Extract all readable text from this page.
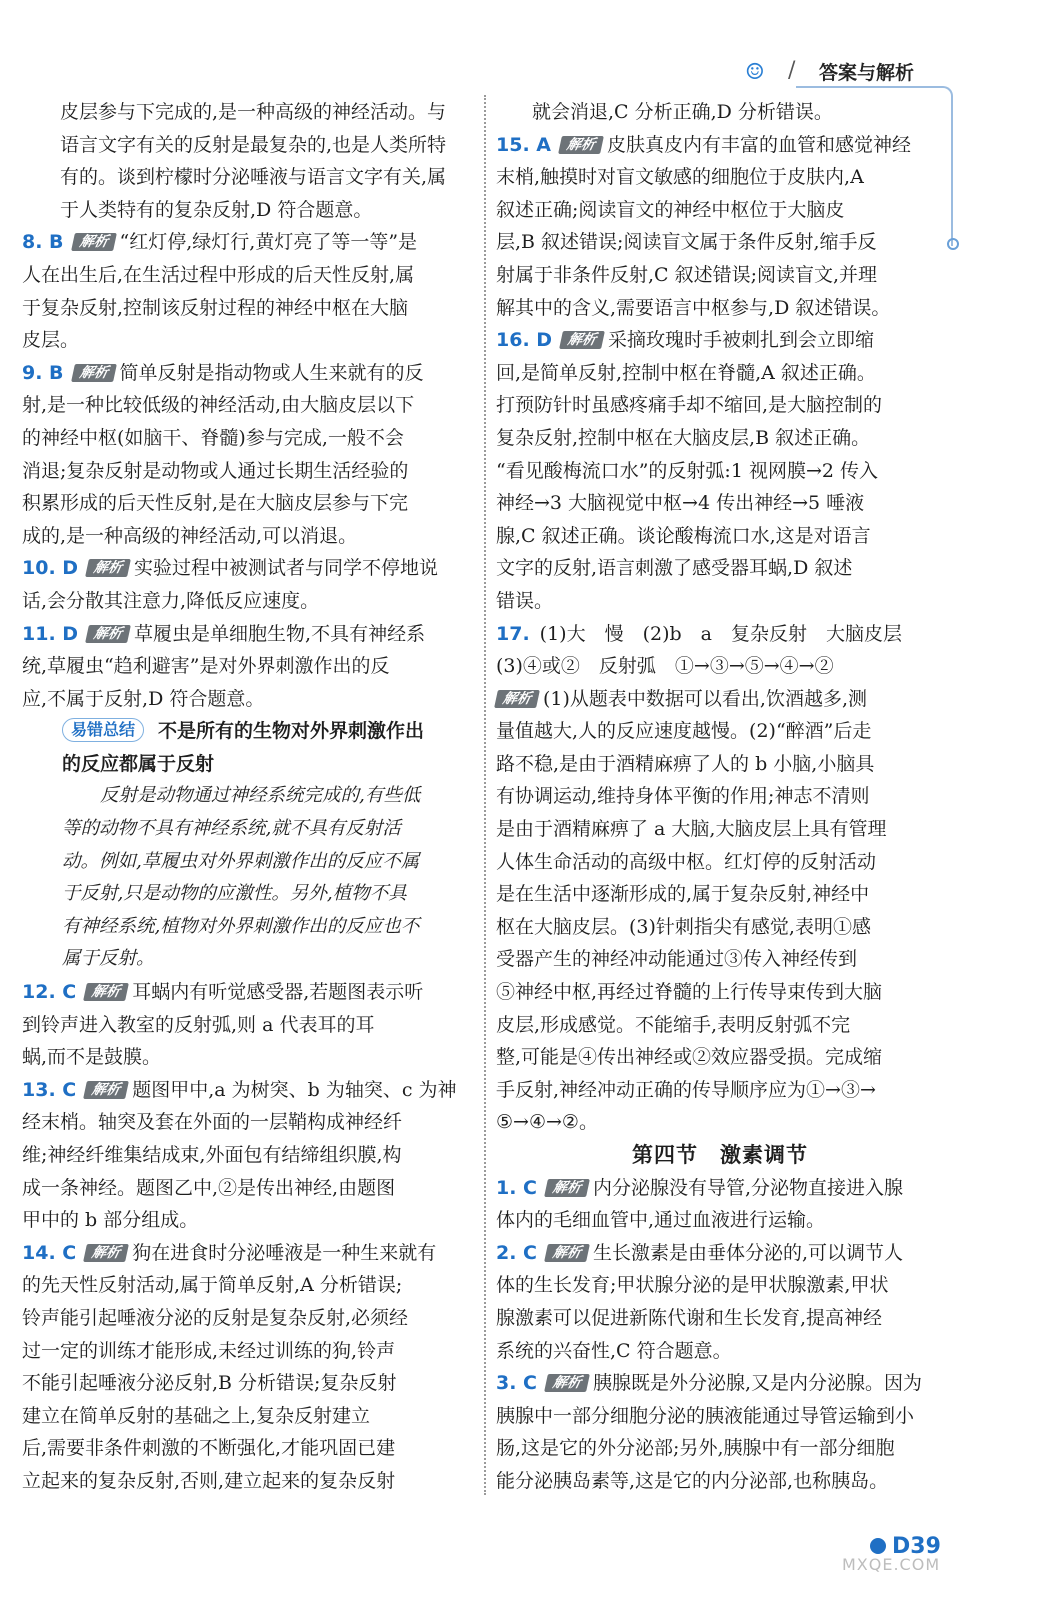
☺ / 答案与解析

皮层参与下完成的,是一种高级的神经活动。与

语言文字有关的反射是最复杂的,也是人类所特

有的。谈到柠檬时分泌唾液与语言文字有关,属

于人类特有的复杂反射,D 符合题意。

8. B 解析 “红灯停,绿灯行,黄灯亮了等一等”是

人在出生后,在生活过程中形成的后天性反射,属

于复杂反射,控制该反射过程的神经中枢在大脑

皮层。

9. B 解析 简单反射是指动物或人生来就有的反

射,是一种比较低级的神经活动,由大脑皮层以下

的神经中枢(如脑干、脊髓)参与完成,一般不会

消退;复杂反射是动物或人通过长期生活经验的

积累形成的后天性反射,是在大脑皮层参与下完

成的,是一种高级的神经活动,可以消退。

10. D 解析 实验过程中被测试者与同学不停地说

话,会分散其注意力,降低反应速度。

11. D 解析 草履虫是单细胞生物,不具有神经系

统,草履虫“趋利避害”是对外界刺激作出的反

应,不属于反射,D 符合题意。

易错总结 不是所有的生物对外界刺激作出

的反应都属于反射

反射是动物通过神经系统完成的,有些低

等的动物不具有神经系统,就不具有反射活

动。例如,草履虫对外界刺激作出的反应不属

于反射,只是动物的应激性。另外,植物不具

有神经系统,植物对外界刺激作出的反应也不

属于反射。

12. C 解析 耳蜗内有听觉感受器,若题图表示听

到铃声进入教室的反射弧,则 a 代表耳的耳

蜗,而不是鼓膜。

13. C 解析 题图甲中,a 为树突、b 为轴突、c 为神

经末梢。轴突及套在外面的一层鞘构成神经纤

维;神经纤维集结成束,外面包有结缔组织膜,构

成一条神经。题图乙中,②是传出神经,由题图

甲中的 b 部分组成。

14. C 解析 狗在进食时分泌唾液是一种生来就有

的先天性反射活动,属于简单反射,A 分析错误;

铃声能引起唾液分泌的反射是复杂反射,必须经

过一定的训练才能形成,未经过训练的狗,铃声

不能引起唾液分泌反射,B 分析错误;复杂反射

建立在简单反射的基础之上,复杂反射建立

后,需要非条件刺激的不断强化,才能巩固已建

立起来的复杂反射,否则,建立起来的复杂反射

就会消退,C 分析正确,D 分析错误。

15. A 解析 皮肤真皮内有丰富的血管和感觉神经

末梢,触摸时对盲文敏感的细胞位于皮肤内,A

叙述正确;阅读盲文的神经中枢位于大脑皮

层,B 叙述错误;阅读盲文属于条件反射,缩手反

射属于非条件反射,C 叙述错误;阅读盲文,并理

解其中的含义,需要语言中枢参与,D 叙述错误。

16. D 解析 采摘玫瑰时手被刺扎到会立即缩

回,是简单反射,控制中枢在脊髓,A 叙述正确。

打预防针时虽感疼痛手却不缩回,是大脑控制的

复杂反射,控制中枢在大脑皮层,B 叙述正确。

“看见酸梅流口水”的反射弧:1 视网膜→2 传入

神经→3 大脑视觉中枢→4 传出神经→5 唾液

腺,C 叙述正确。谈论酸梅流口水,这是对语言

文字的反射,语言刺激了感受器耳蜗,D 叙述

错误。

17. (1)大　慢　(2)b　a　复杂反射　大脑皮层

(3)④或②　反射弧　①→③→⑤→④→②

解析 (1)从题表中数据可以看出,饮酒越多,测

量值越大,人的反应速度越慢。(2)“醉酒”后走

路不稳,是由于酒精麻痹了人的 b 小脑,小脑具

有协调运动,维持身体平衡的作用;神志不清则

是由于酒精麻痹了 a 大脑,大脑皮层上具有管理

人体生命活动的高级中枢。红灯停的反射活动

是在生活中逐渐形成的,属于复杂反射,神经中

枢在大脑皮层。(3)针刺指尖有感觉,表明①感

受器产生的神经冲动能通过③传入神经传到

⑤神经中枢,再经过脊髓的上行传导束传到大脑

皮层,形成感觉。不能缩手,表明反射弧不完

整,可能是④传出神经或②效应器受损。完成缩

手反射,神经冲动正确的传导顺序应为①→③→

⑤→④→②。

第四节　激素调节

1. C 解析 内分泌腺没有导管,分泌物直接进入腺

体内的毛细血管中,通过血液进行运输。

2. C 解析 生长激素是由垂体分泌的,可以调节人

体的生长发育;甲状腺分泌的是甲状腺激素,甲状

腺激素可以促进新陈代谢和生长发育,提高神经

系统的兴奋性,C 符合题意。

3. C 解析 胰腺既是外分泌腺,又是内分泌腺。因为

胰腺中一部分细胞分泌的胰液能通过导管运输到小

肠,这是它的外分泌部;另外,胰腺中有一部分细胞

能分泌胰岛素等,这是它的内分泌部,也称胰岛。

D39
MXQE.COM
